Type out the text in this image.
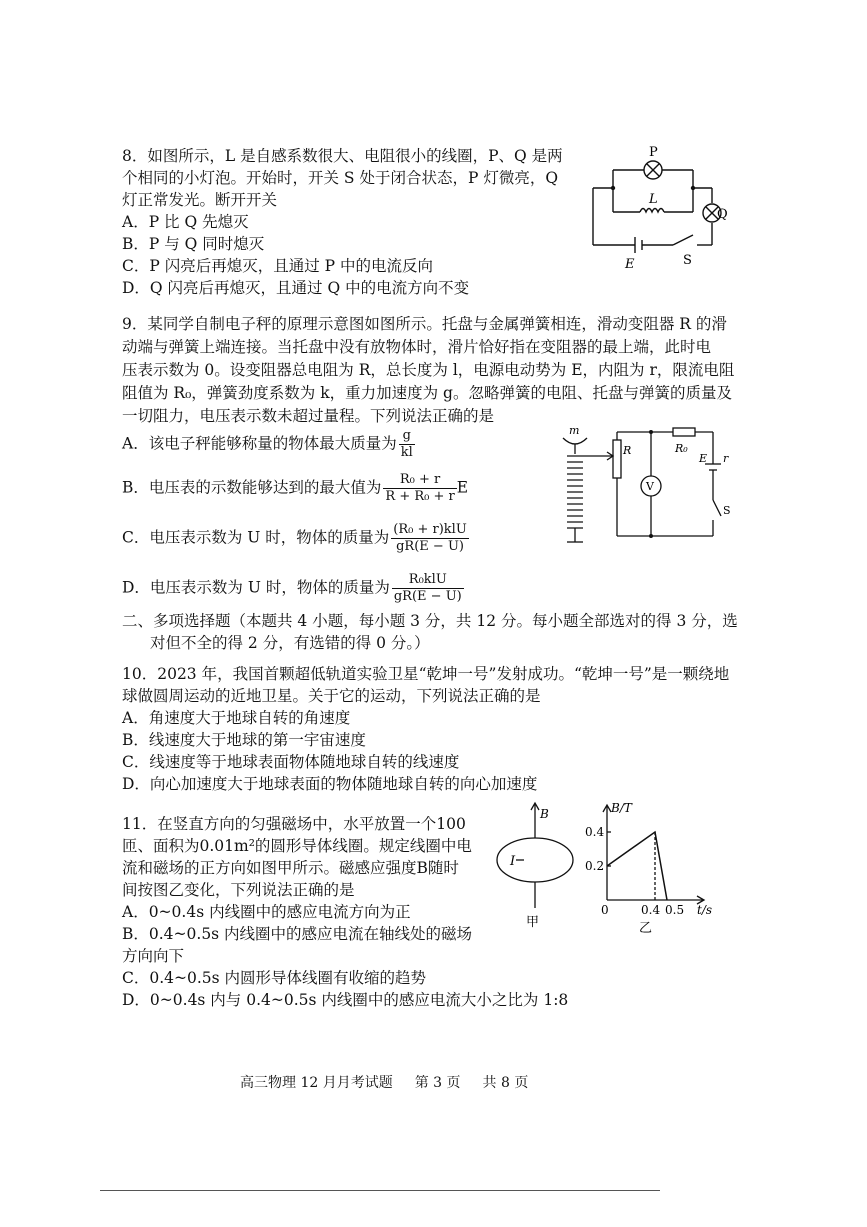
8．如图所示，L 是自感系数很大、电阻很小的线圈，P、Q 是两
个相同的小灯泡。开始时，开关 S 处于闭合状态，P 灯微亮，Q
灯正常发光。断开开关
A．P 比 Q 先熄灭
B．P 与 Q 同时熄灭
C．P 闪亮后再熄灭，且通过 P 中的电流反向
D．Q 闪亮后再熄灭，且通过 Q 中的电流方向不变
P
L
Q
E	S
9．某同学自制电子秤的原理示意图如图所示。托盘与金属弹簧相连，滑动变阻器 R 的滑
动端与弹簧上端连接。当托盘中没有放物体时，滑片恰好指在变阻器的最上端，此时电
压表示数为 0。设变阻器总电阻为 R，总长度为 l，电源电动势为 E，内阻为 r，限流电阻
阻值为 R₀，弹簧劲度系数为 k，重力加速度为 g。忽略弹簧的电阻、托盘与弹簧的质量及
一切阻力，电压表示数未超过量程。下列说法正确的是
A．该电子秤能够称量的物体最大质量为 $\frac{g}{kl}$
B．电压表的示数能够达到的最大值为 $\frac{\text{R₀ + r}}{\text{R + R₀ + r}}$ E
C．电压表示数为 U 时，物体的质量为 $\frac{\text{(R₀ + r)klU}}{gR(E - U)}$
D．电压表示数为 U 时，物体的质量为 $\frac{\text{R₀klU}}{gR(E - U)}$
m
R	R₀
V
E r
S
二、多项选择题（本题共 4 小题，每小题 3 分，共 12 分。每小题全部选对的得 3 分，选
对但不全的得 2 分，有选错的得 0 分。）
10．2023 年，我国首颗超低轨道实验卫星“乾坤一号”发射成功。“乾坤一号”是一颗绕地
球做圆周运动的近地卫星。关于它的运动，下列说法正确的是
A．角速度大于地球自转的角速度
B．线速度大于地球的第一宇宙速度
C．线速度等于地球表面物体随地球自转的线速度
D．向心加速度大于地球表面的物体随地球自转的向心加速度
11．在竖直方向的匀强磁场中，水平放置一个100
匝、面积为0.01m²的圆形导体线圈。规定线圈中电
流和磁场的正方向如图甲所示。磁感应强度B随时
间按图乙变化，下列说法正确的是
A．0~0.4s 内线圈中的感应电流方向为正
B．0.4~0.5s 内线圈中的感应电流在轴线处的磁场
方向向下
C．0.4~0.5s 内圆形导体线圈有收缩的趋势
D．0~0.4s 内与 0.4~0.5s 内线圈中的感应电流大小之比为 1:8
B
I
甲
B/T
0.4
0.2
0	0.4 0.5 t/s
乙
高三物理 12 月月考试题 第 3 页 共 8 页
